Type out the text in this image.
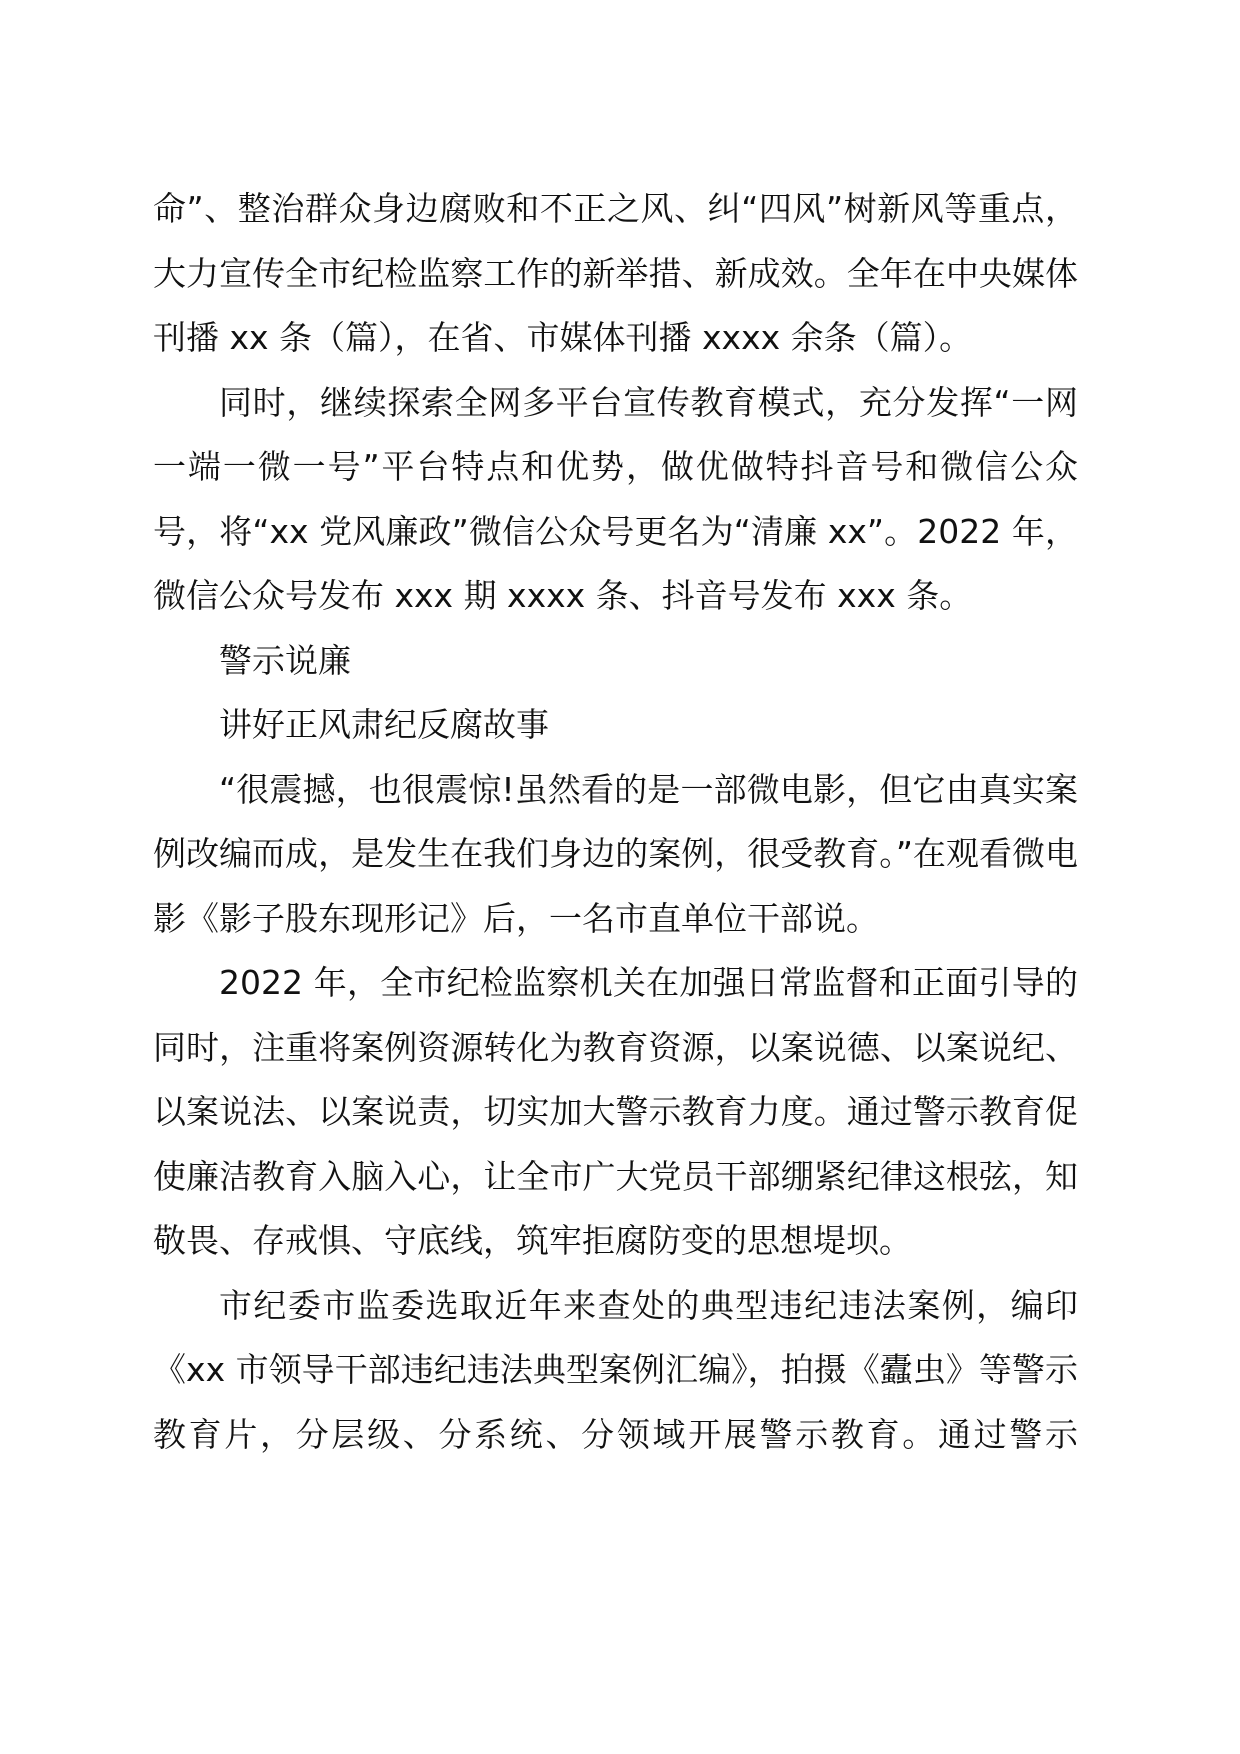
命”、整治群众身边腐败和不正之风、纠“四风”树新风等重点，大力宣传全市纪检监察工作的新举措、新成效。全年在中央媒体刊播 xx 条（篇），在省、市媒体刊播 xxxx 余条（篇）。

同时，继续探索全网多平台宣传教育模式，充分发挥“一网一端一微一号”平台特点和优势，做优做特抖音号和微信公众号，将“xx 党风廉政”微信公众号更名为“清廉 xx”。2022 年，微信公众号发布 xxx 期 xxxx 条、抖音号发布 xxx 条。

警示说廉

讲好正风肃纪反腐故事

“很震撼，也很震惊!虽然看的是一部微电影，但它由真实案例改编而成，是发生在我们身边的案例，很受教育。”在观看微电影《影子股东现形记》后，一名市直单位干部说。

2022 年，全市纪检监察机关在加强日常监督和正面引导的同时，注重将案例资源转化为教育资源，以案说德、以案说纪、以案说法、以案说责，切实加大警示教育力度。通过警示教育促使廉洁教育入脑入心，让全市广大党员干部绷紧纪律这根弦，知敬畏、存戒惧、守底线，筑牢拒腐防变的思想堤坝。

市纪委市监委选取近年来查处的典型违纪违法案例，编印《xx 市领导干部违纪违法典型案例汇编》，拍摄《蠹虫》等警示教育片，分层级、分系统、分领域开展警示教育。通过警示
